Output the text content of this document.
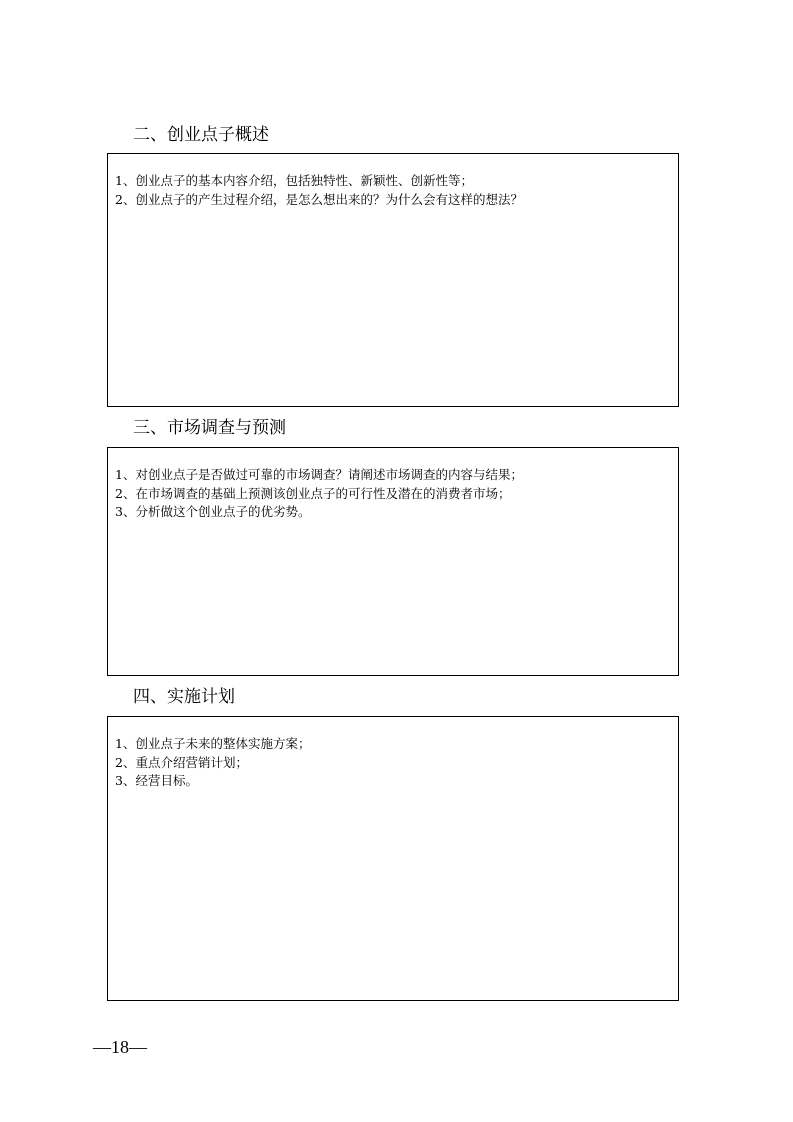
二、创业点子概述
1、创业点子的基本内容介绍，包括独特性、新颖性、创新性等；
2、创业点子的产生过程介绍，是怎么想出来的？为什么会有这样的想法？
三、市场调查与预测
1、对创业点子是否做过可靠的市场调查？请阐述市场调查的内容与结果；
2、在市场调查的基础上预测该创业点子的可行性及潜在的消费者市场；
3、分析做这个创业点子的优劣势。
四、实施计划
1、创业点子未来的整体实施方案；
2、重点介绍营销计划；
3、经营目标。
—18—
